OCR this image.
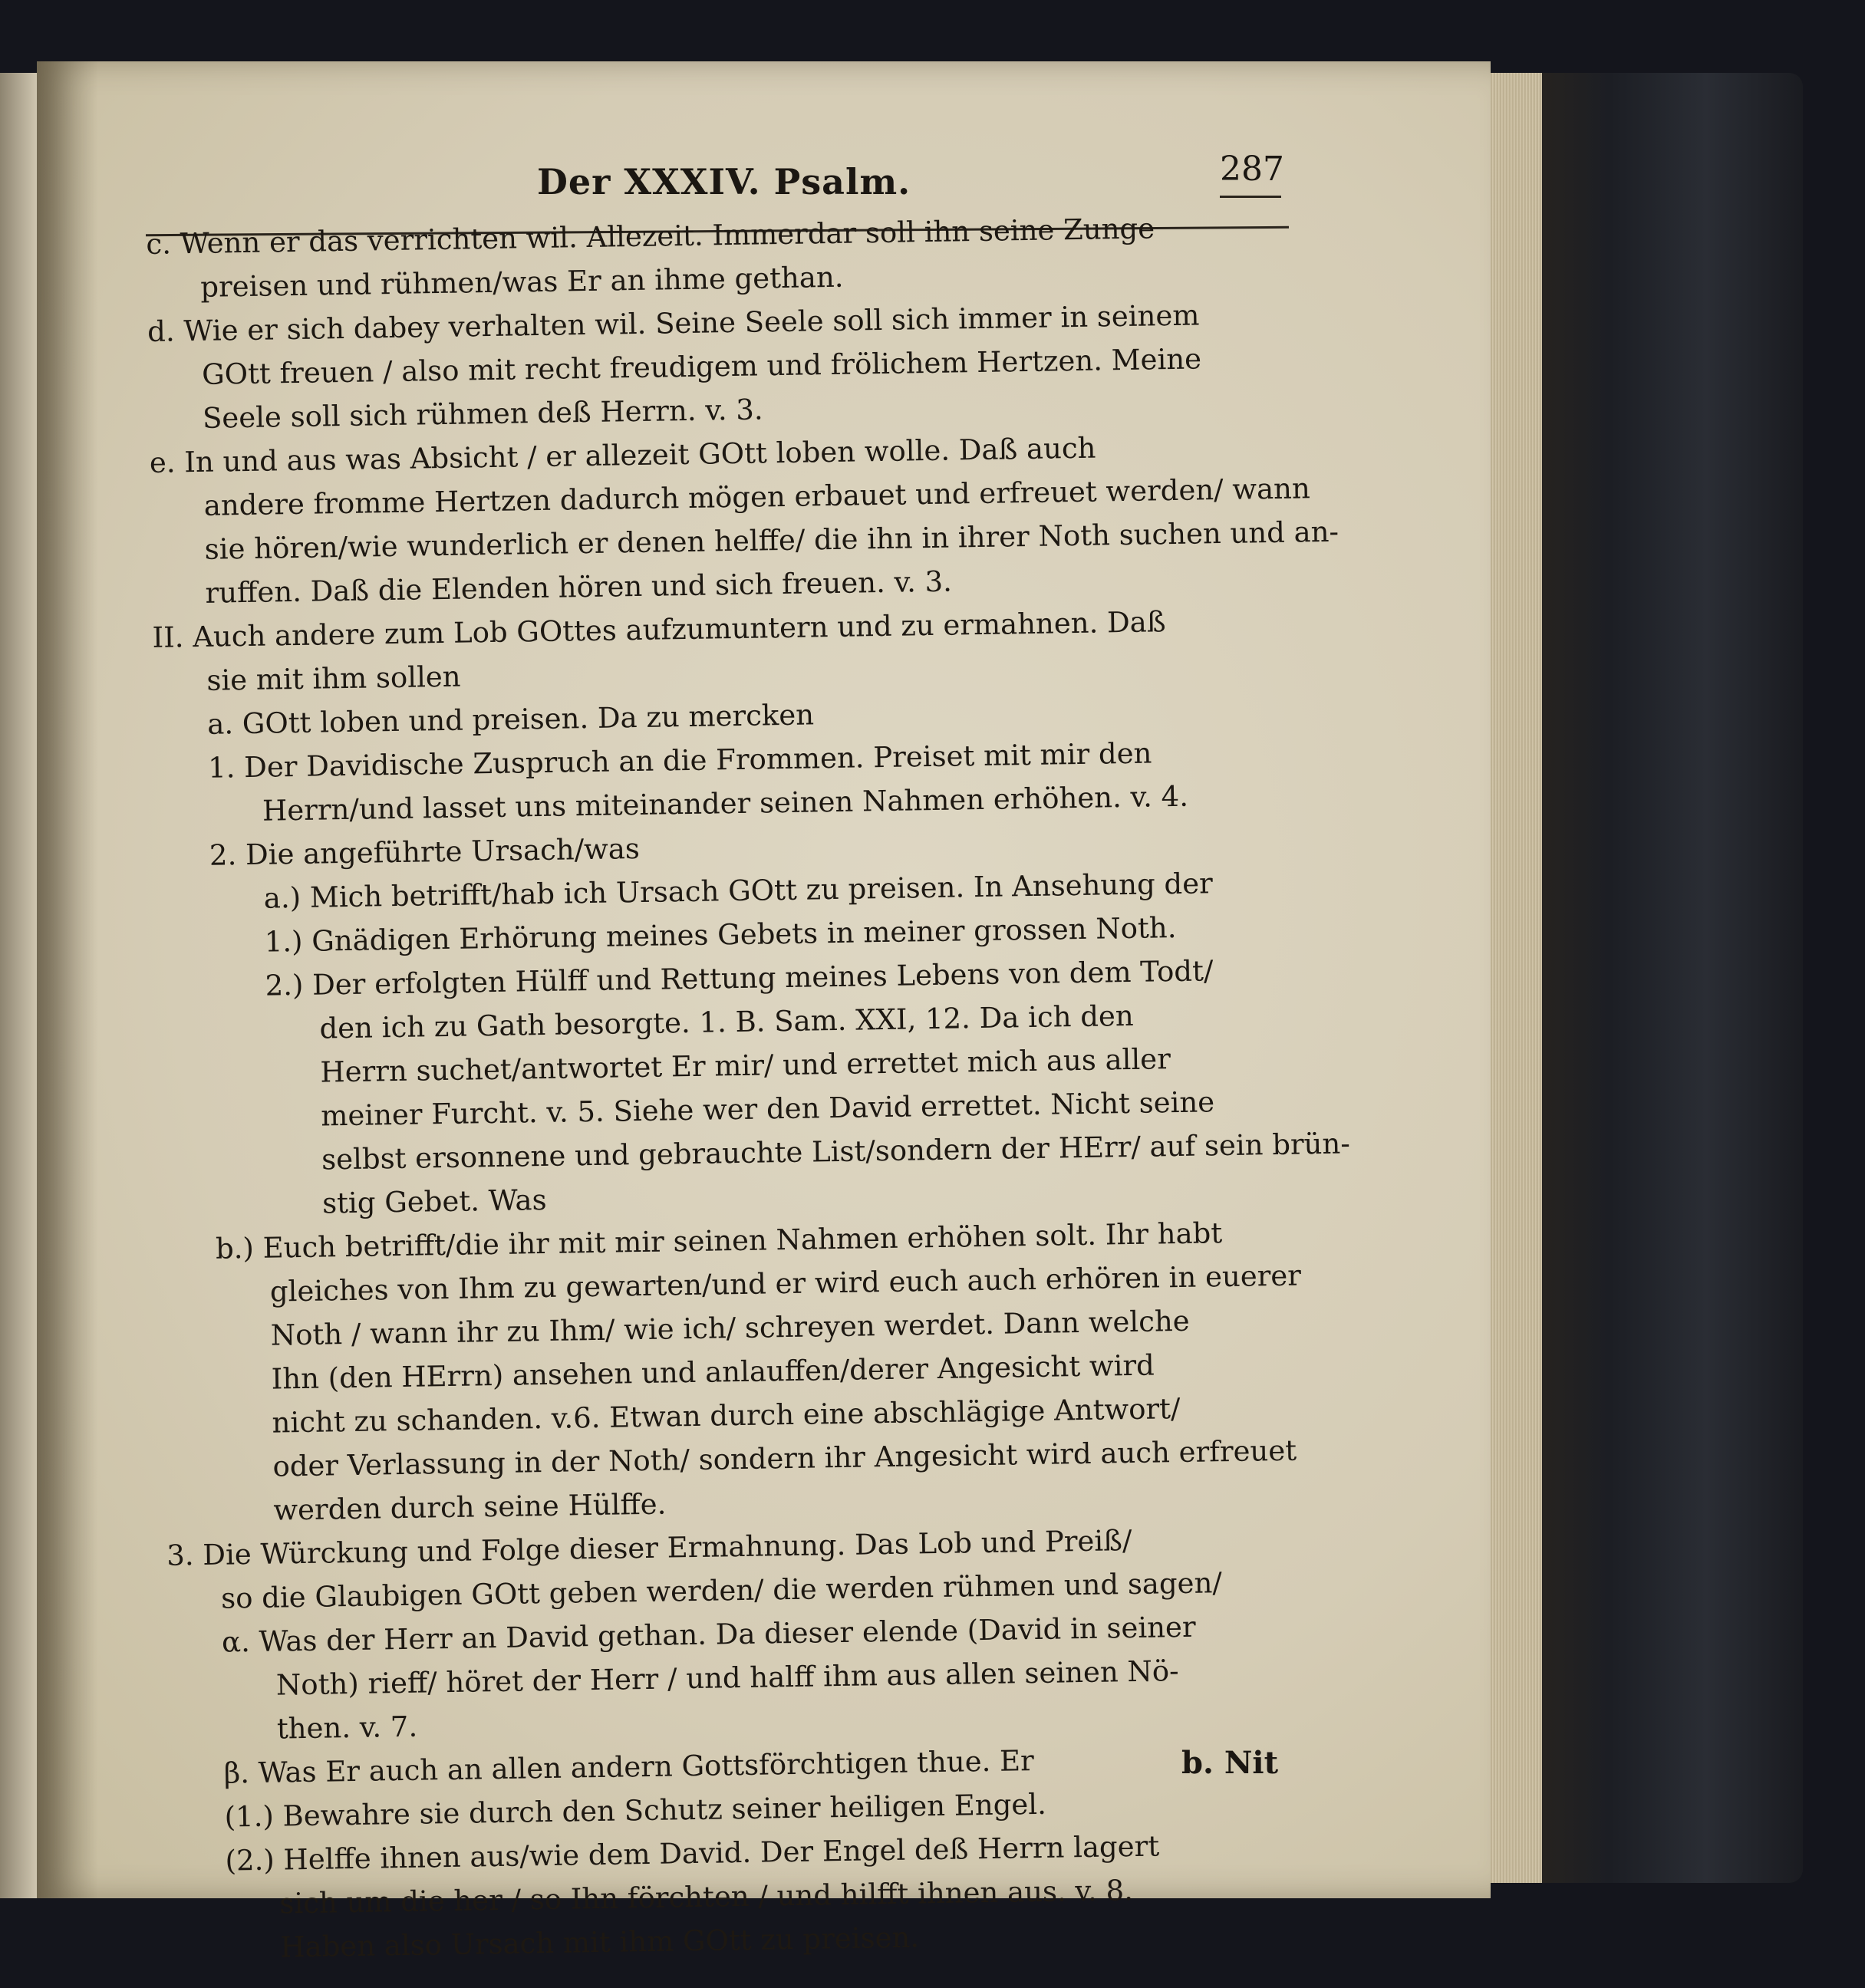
Der XXXIV. Psalm.	287
c. Wenn er das verrichten wil. Allezeit. Immerdar soll ihn seine Zunge
preisen und rühmen/was Er an ihme gethan.
d. Wie er sich dabey verhalten wil. Seine Seele soll sich immer in seinem
GOtt freuen / also mit recht freudigem und frölichem Hertzen. Meine
Seele soll sich rühmen deß Herrn. v. 3.
e. In und aus was Absicht / er allezeit GOtt loben wolle. Daß auch
andere fromme Hertzen dadurch mögen erbauet und erfreuet werden/ wann
sie hören/wie wunderlich er denen helffe/ die ihn in ihrer Noth suchen und an-
ruffen. Daß die Elenden hören und sich freuen. v. 3.
II. Auch andere zum Lob GOttes aufzumuntern und zu ermahnen. Daß
sie mit ihm sollen
a. GOtt loben und preisen. Da zu mercken
1. Der Davidische Zuspruch an die Frommen. Preiset mit mir den
Herrn/und lasset uns miteinander seinen Nahmen erhöhen. v. 4.
2. Die angeführte Ursach/was
a.) Mich betrifft/hab ich Ursach GOtt zu preisen. In Ansehung der
1.) Gnädigen Erhörung meines Gebets in meiner grossen Noth.
2.) Der erfolgten Hülff und Rettung meines Lebens von dem Todt/
den ich zu Gath besorgte. 1. B. Sam. XXI, 12. Da ich den
Herrn suchet/antwortet Er mir/ und errettet mich aus aller
meiner Furcht. v. 5. Siehe wer den David errettet. Nicht seine
selbst ersonnene und gebrauchte List/sondern der HErr/ auf sein brün-
stig Gebet. Was
b.) Euch betrifft/die ihr mit mir seinen Nahmen erhöhen solt. Ihr habt
gleiches von Ihm zu gewarten/und er wird euch auch erhören in euerer
Noth / wann ihr zu Ihm/ wie ich/ schreyen werdet. Dann welche
Ihn (den HErrn) ansehen und anlauffen/derer Angesicht wird
nicht zu schanden. v.6. Etwan durch eine abschlägige Antwort/
oder Verlassung in der Noth/ sondern ihr Angesicht wird auch erfreuet
werden durch seine Hülffe.
3. Die Würckung und Folge dieser Ermahnung. Das Lob und Preiß/
so die Glaubigen GOtt geben werden/ die werden rühmen und sagen/
α. Was der Herr an David gethan. Da dieser elende (David in seiner
Noth) rieff/ höret der Herr / und halff ihm aus allen seinen Nö-
then. v. 7.
β. Was Er auch an allen andern Gottsförchtigen thue. Er
(1.) Bewahre sie durch den Schutz seiner heiligen Engel.
(2.) Helffe ihnen aus/wie dem David. Der Engel deß Herrn lagert
sich um die her / so Ihn förchten / und hilfft ihnen aus. v. 8.
Haben also Ursach mit ihm GOtt zu preisen.
b. Nit
